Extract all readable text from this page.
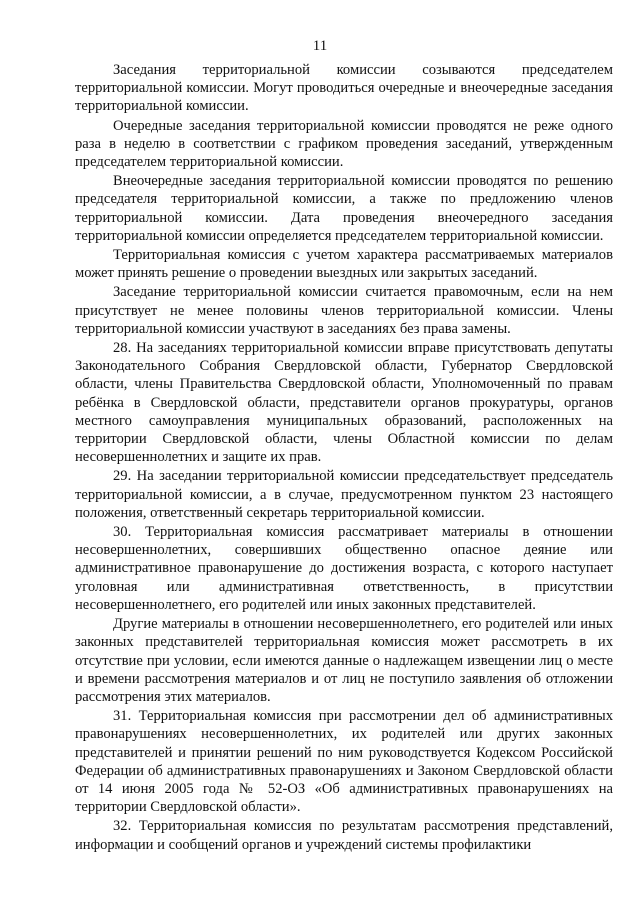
11

Заседания территориальной комиссии созываются председателем территориальной комиссии. Могут проводиться очередные и внеочередные заседания территориальной комиссии.

Очередные заседания территориальной комиссии проводятся не реже одного раза в неделю в соответствии с графиком проведения заседаний, утвержденным председателем территориальной комиссии.

Внеочередные заседания территориальной комиссии проводятся по решению председателя территориальной комиссии, а также по предложению членов территориальной комиссии. Дата проведения внеочередного заседания территориальной комиссии определяется председателем территориальной комиссии.

Территориальная комиссия с учетом характера рассматриваемых материалов может принять решение о проведении выездных или закрытых заседаний.

Заседание территориальной комиссии считается правомочным, если на нем присутствует не менее половины членов территориальной комиссии. Члены территориальной комиссии участвуют в заседаниях без права замены.

28. На заседаниях территориальной комиссии вправе присутствовать депутаты Законодательного Собрания Свердловской области, Губернатор Свердловской области, члены Правительства Свердловской области, Уполномоченный по правам ребёнка в Свердловской области, представители органов прокуратуры, органов местного самоуправления муниципальных образований, расположенных на территории Свердловской области, члены Областной комиссии по делам несовершеннолетних и защите их прав.

29. На заседании территориальной комиссии председательствует председатель территориальной комиссии, а в случае, предусмотренном пунктом 23 настоящего положения, ответственный секретарь территориальной комиссии.

30. Территориальная комиссия рассматривает материалы в отношении несовершеннолетних, совершивших общественно опасное деяние или административное правонарушение до достижения возраста, с которого наступает уголовная или административная ответственность, в присутствии несовершеннолетнего, его родителей или иных законных представителей.

Другие материалы в отношении несовершеннолетнего, его родителей или иных законных представителей территориальная комиссия может рассмотреть в их отсутствие при условии, если имеются данные о надлежащем извещении лиц о месте и времени рассмотрения материалов и от лиц не поступило заявления об отложении рассмотрения этих материалов.

31. Территориальная комиссия при рассмотрении дел об административных правонарушениях несовершеннолетних, их родителей или других законных представителей и принятии решений по ним руководствуется Кодексом Российской Федерации об административных правонарушениях и Законом Свердловской области от 14 июня 2005 года № 52-ОЗ «Об административных правонарушениях на территории Свердловской области».

32. Территориальная комиссия по результатам рассмотрения представлений, информации и сообщений органов и учреждений системы профилактики
